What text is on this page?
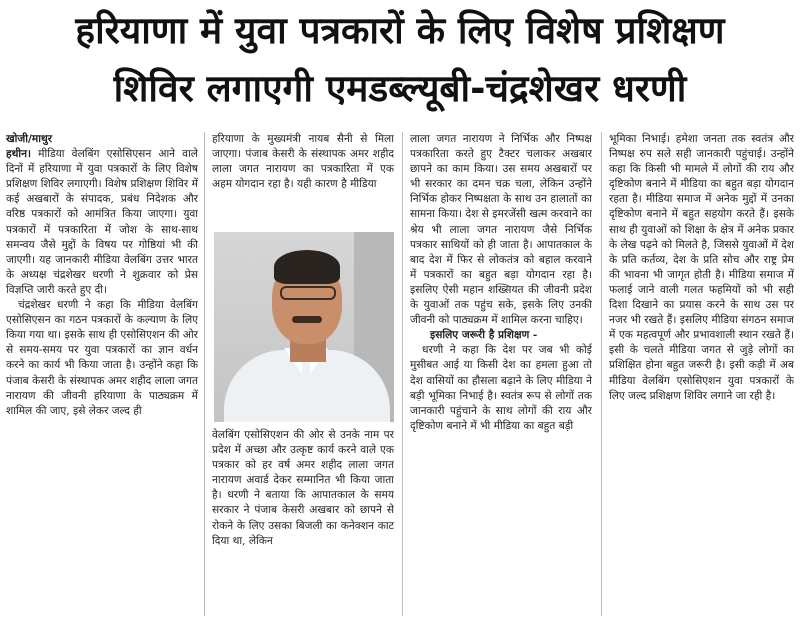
हरियाणा में युवा पत्रकारों के लिए विशेष प्रशिक्षण
शिविर लगाएगी एमडब्ल्यूबी-चंद्रशेखर धरणी

खोजी/माथुर

हथीन। मीडिया वेलबिंग एसोसिएसन आने वाले दिनों में हरियाणा में युवा पत्रकारों के लिए विशेष प्रशिक्षण शिविर लगाएगी। विशेष प्रशिक्षण शिविर में कई अखबारों के संपादक, प्रबंध निदेशक और वरिष्ठ पत्रकारों को आमंत्रित किया जाएगा। युवा पत्रकारों में पत्रकारिता में जोश के साथ-साथ समन्वय जैसे मुद्दों के विषय पर गोष्ठियां भी की जाएगी। यह जानकारी मीडिया वेलबिंग उत्तर भारत के अध्यक्ष चंद्रशेखर धरणी ने शुक्रवार को प्रेस विज्ञप्ति जारी करते हुए दी।

चंद्रशेखर धरणी ने कहा कि मीडिया वेलबिंग एसोसिएसन का गठन पत्रकारों के कल्याण के लिए किया गया था। इसके साथ ही एसोसिएशन की ओर से समय-समय पर युवा पत्रकारों का ज्ञान वर्धन करने का कार्य भी किया जाता है। उन्होंने कहा कि पंजाब केसरी के संस्थापक अमर शहीद लाला जगत नारायण की जीवनी हरियाणा के पाठ्यक्रम में शामिल की जाए, इसे लेकर जल्द ही

हरियाणा के मुख्यमंत्री नायब सैनी से मिला जाएगा। पंजाब केसरी के संस्थापक अमर शहीद लाला जगत नारायण का पत्रकारिता में एक अहम योगदान रहा है। यही कारण है मीडिया

वेलबिंग एसोसिएशन की ओर से उनके नाम पर प्रदेश में अच्छा और उत्कृष्ट कार्य करने वाले एक पत्रकार को हर वर्ष अमर शहीद लाला जगत नारायण अवार्ड देकर सम्मानित भी किया जाता है। धरणी ने बताया कि आपातकाल के समय सरकार ने पंजाब केसरी अखबार को छापने से रोकने के लिए उसका बिजली का कनेक्शन काट दिया था, लेकिन

लाला जगत नारायण ने निर्भिक और निष्पक्ष पत्रकारिता करते हुए टैक्टर चलाकर अखबार छापने का काम किया। उस समय अखबारों पर भी सरकार का दमन चक्र चला, लेकिन उन्होंने निर्भिक होकर निष्पक्षता के साथ उन हालातों का सामना किया। देश से इमरजेंसी खत्म करवाने का श्रेय भी लाला जगत नारायण जैसे निर्भिक पत्रकार साथियों को ही जाता है। आपातकाल के बाद देश में फिर से लोकतंत्र को बहाल करवाने में पत्रकारों का बहुत बड़ा योगदान रहा है। इसलिए ऐसी महान शख्सियत की जीवनी प्रदेश के युवाओं तक पहुंच सके, इसके लिए उनकी जीवनी को पाठ्यक्रम में शामिल करना चाहिए।

इसलिए जरूरी है प्रशिक्षण -

धरणी ने कहा कि देश पर जब भी कोई मुसीबत आई या किसी देश का हमला हुआ तो देश वासियों का हौसला बढ़ाने के लिए मीडिया ने बड़ी भूमिका निभाई है। स्वतंत्र रूप से लोगों तक जानकारी पहुंचाने के साथ लोगों की राय और दृष्टिकोण बनाने में भी मीडिया का बहुत बड़ी

भूमिका निभाई। हमेशा जनता तक स्वतंत्र और निष्पक्ष रुप सले सही जानकारी पहुंचाई। उन्होंने कहा कि किसी भी मामले में लोगों की राय और दृष्टिकोण बनाने में मीडिया का बहुत बड़ा योगदान रहता है। मीडिया समाज में अनेक मुद्दों में उनका दृष्टिकोण बनाने में बहुत सहयोग करते हैं। इसके साथ ही युवाओं को शिक्षा के क्षेत्र में अनेक प्रकार के लेख पढ़ने को मिलते है, जिससे युवाओं में देश के प्रति कर्तव्य, देश के प्रति सोच और राष्ट्र प्रेम की भावना भी जागृत होती है। मीडिया समाज में फलाई जाने वाली गलत फहमियों को भी सही दिशा दिखाने का प्रयास करने के साथ उस पर नजर भी रखते हैं। इसलिए मीडिया संगठन समाज में एक महत्वपूर्ण और प्रभावशाली स्थान रखते हैं। इसी के चलते मीडिया जगत से जुड़े लोगों का प्रशिक्षित होना बहुत जरूरी है। इसी कड़ी में अब मीडिया वेलबिंग एसोसिएशन युवा पत्रकारों के लिए जल्द प्रशिक्षण शिविर लगाने जा रही है।
